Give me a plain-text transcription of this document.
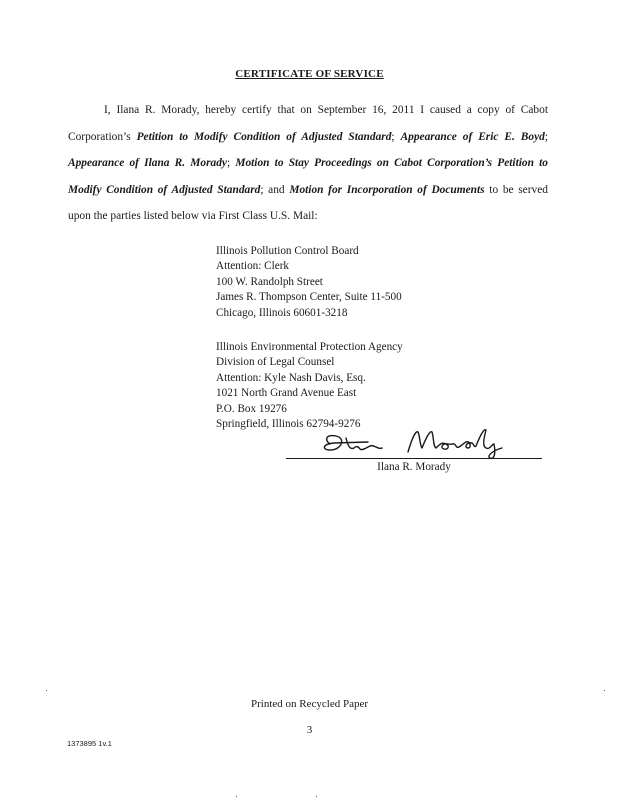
CERTIFICATE OF SERVICE
I, Ilana R. Morady, hereby certify that on September 16, 2011 I caused a copy of Cabot Corporation’s Petition to Modify Condition of Adjusted Standard; Appearance of Eric E. Boyd; Appearance of Ilana R. Morady; Motion to Stay Proceedings on Cabot Corporation’s Petition to Modify Condition of Adjusted Standard; and Motion for Incorporation of Documents to be served upon the parties listed below via First Class U.S. Mail:
Illinois Pollution Control Board
Attention: Clerk
100 W. Randolph Street
James R. Thompson Center, Suite 11-500
Chicago, Illinois 60601-3218
Illinois Environmental Protection Agency
Division of Legal Counsel
Attention: Kyle Nash Davis, Esq.
1021 North Grand Avenue East
P.O. Box 19276
Springfield, Illinois 62794-9276
Ilana R. Morady
Printed on Recycled Paper
3
1373895 1v.1
